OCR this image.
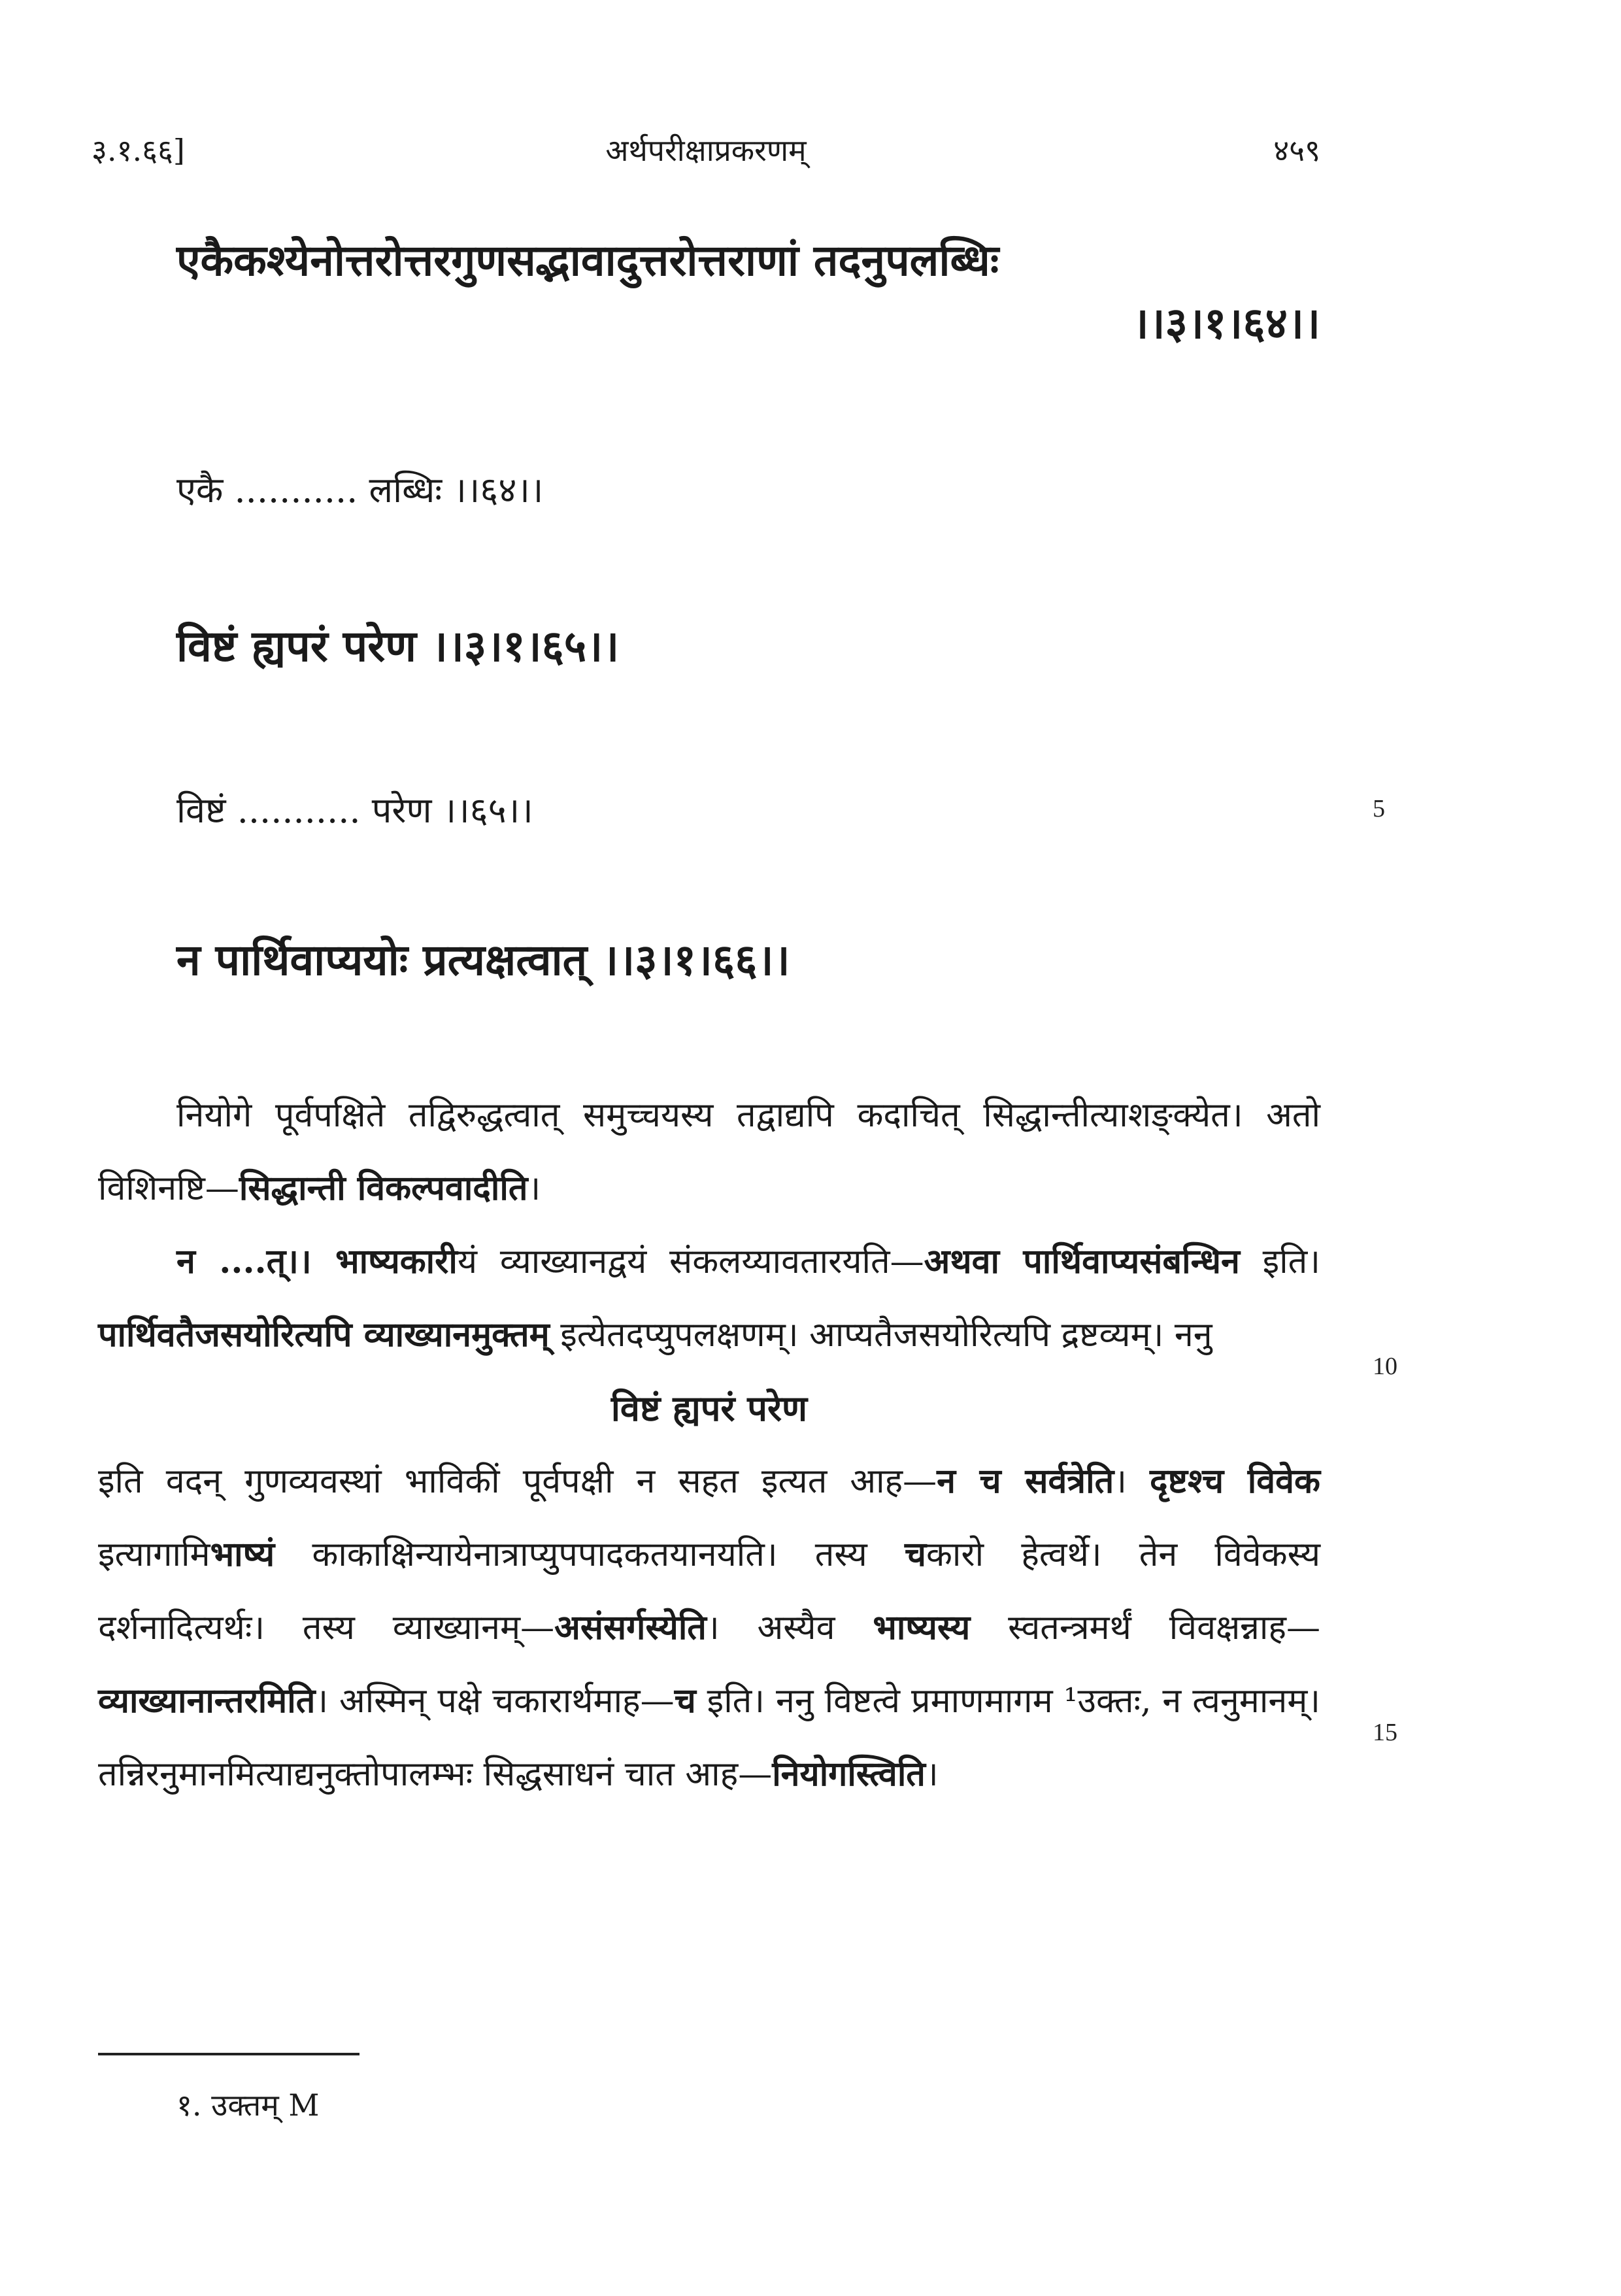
३.१.६६]	अर्थपरीक्षाप्रकरणम्	४५९
एकैकश्येनोत्तरोत्तरगुणसद्भावादुत्तरोत्तराणां तदनुपलब्धिः
।।३।१।६४।।
एकै ........... लब्धिः ।।६४।।
विष्टं ह्यपरं परेण ।।३।१।६५।।
विष्टं ........... परेण ।।६५।।	5
न पार्थिवाप्ययोः प्रत्यक्षत्वात् ।।३।१।६६।।

नियोगे पूर्वपक्षिते तद्विरुद्धत्वात् समुच्चयस्य तद्वाद्यपि कदाचित् सिद्धान्तीत्याशङ्क्येत। अतो विशिनष्टि—सिद्धान्ती विकल्पवादीति।

न ....त्।। भाष्यकारीयं व्याख्यानद्वयं संकलय्यावतारयति—अथवा पार्थिवाप्यसंबन्धिन इति। पार्थिवतैजसयोरित्यपि व्याख्यानमुक्तम् इत्येतदप्युपलक्षणम्। आप्यतैजसयोरित्यपि द्रष्टव्यम्। ननु

विष्टं ह्यपरं परेण

इति वदन् गुणव्यवस्थां भाविकीं पूर्वपक्षी न सहत इत्यत आह—न च सर्वत्रेति। दृष्टश्च विवेक इत्यागामिभाष्यं काकाक्षिन्यायेनात्राप्युपपादकतयानयति। तस्य चकारो हेत्वर्थे। तेन विवेकस्य दर्शनादित्यर्थः। तस्य व्याख्यानम्—असंसर्गस्येति। अस्यैव भाष्यस्य स्वतन्त्रमर्थं विवक्षन्नाह—व्याख्यानान्तरमिति। अस्मिन् पक्षे चकारार्थमाह—च इति। ननु विष्टत्वे प्रमाणमागम ¹उक्तः, न त्वनुमानम्। तन्निरनुमानमित्याद्यनुक्तोपालम्भः सिद्धसाधनं चात आह—नियोगस्त्विति।

10
15
१. उक्तम् M
